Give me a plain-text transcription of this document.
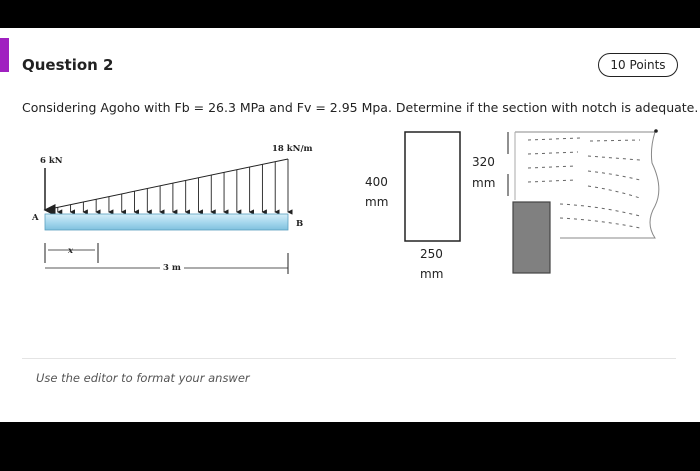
Question 2	10 Points
Considering Agoho with Fb = 26.3 MPa and Fv = 2.95 Mpa. Determine if the section with notch is adequate.
6 kN
18 kN/m
A
B
x
3 m
400
mm
250
mm
320
mm
Use the editor to format your answer
